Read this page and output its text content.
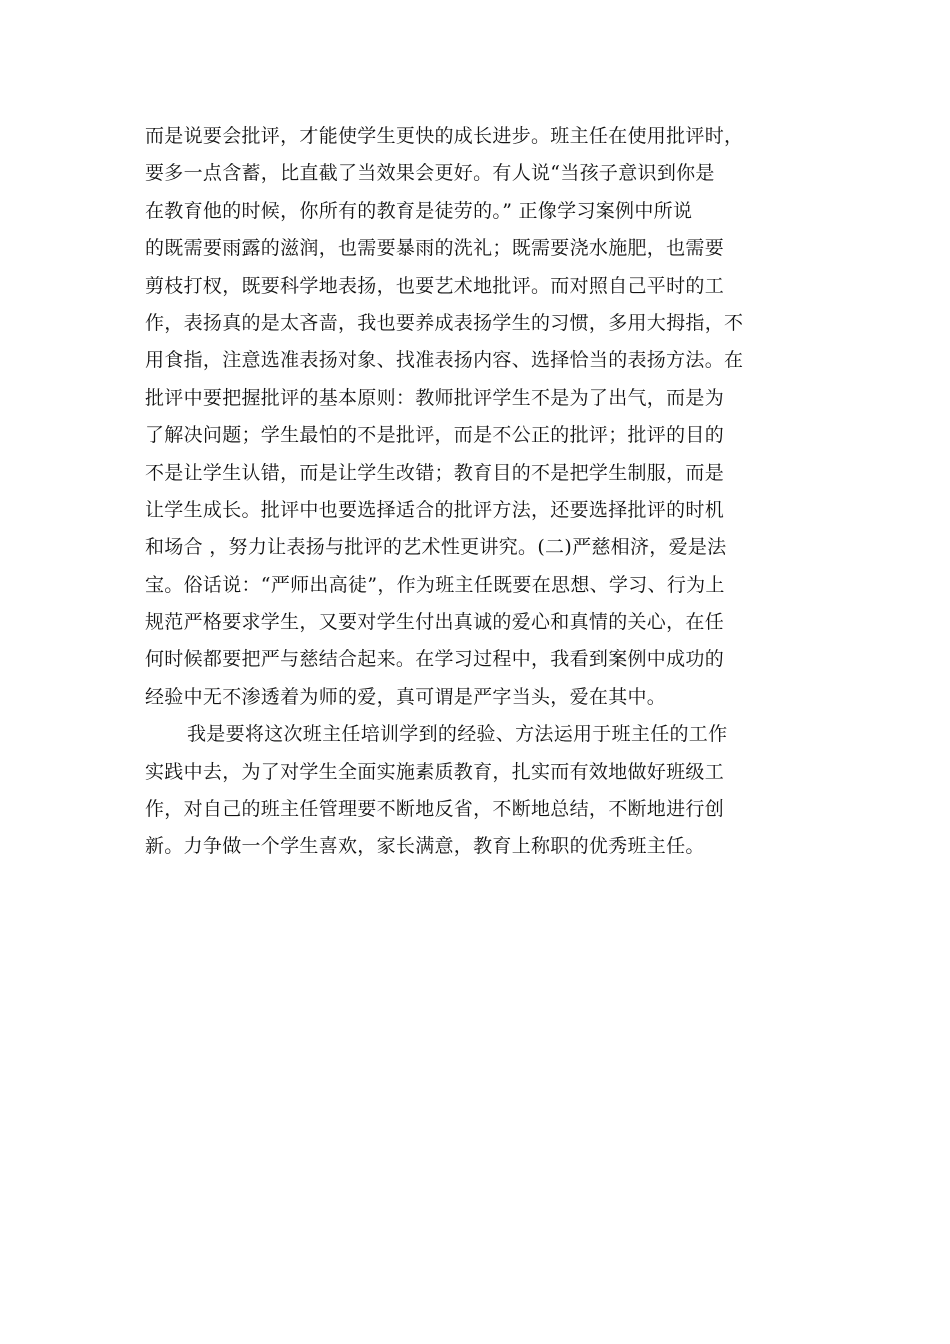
而是说要会批评，才能使学生更快的成长进步。班主任在使用批评时，
要多一点含蓄，比直截了当效果会更好。有人说“当孩子意识到你是
在教育他的时候，你所有的教育是徒劳的。” 正像学习案例中所说
的既需要雨露的滋润，也需要暴雨的洗礼；既需要浇水施肥，也需要
剪枝打杈，既要科学地表扬，也要艺术地批评。而对照自己平时的工
作，表扬真的是太吝啬，我也要养成表扬学生的习惯，多用大拇指，不
用食指，注意选准表扬对象、找准表扬内容、选择恰当的表扬方法。在
批评中要把握批评的基本原则：教师批评学生不是为了出气，而是为
了解决问题；学生最怕的不是批评，而是不公正的批评；批评的目的
不是让学生认错，而是让学生改错；教育目的不是把学生制服，而是
让学生成长。批评中也要选择适合的批评方法，还要选择批评的时机
和场合 ，努力让表扬与批评的艺术性更讲究。(二)严慈相济，爱是法
宝。俗话说：“严师出高徒”，作为班主任既要在思想、学习、行为上
规范严格要求学生，又要对学生付出真诚的爱心和真情的关心，在任
何时候都要把严与慈结合起来。在学习过程中，我看到案例中成功的
经验中无不渗透着为师的爱，真可谓是严字当头，爱在其中。
我是要将这次班主任培训学到的经验、方法运用于班主任的工作
实践中去，为了对学生全面实施素质教育，扎实而有效地做好班级工
作，对自己的班主任管理要不断地反省，不断地总结，不断地进行创
新。力争做一个学生喜欢，家长满意，教育上称职的优秀班主任。
